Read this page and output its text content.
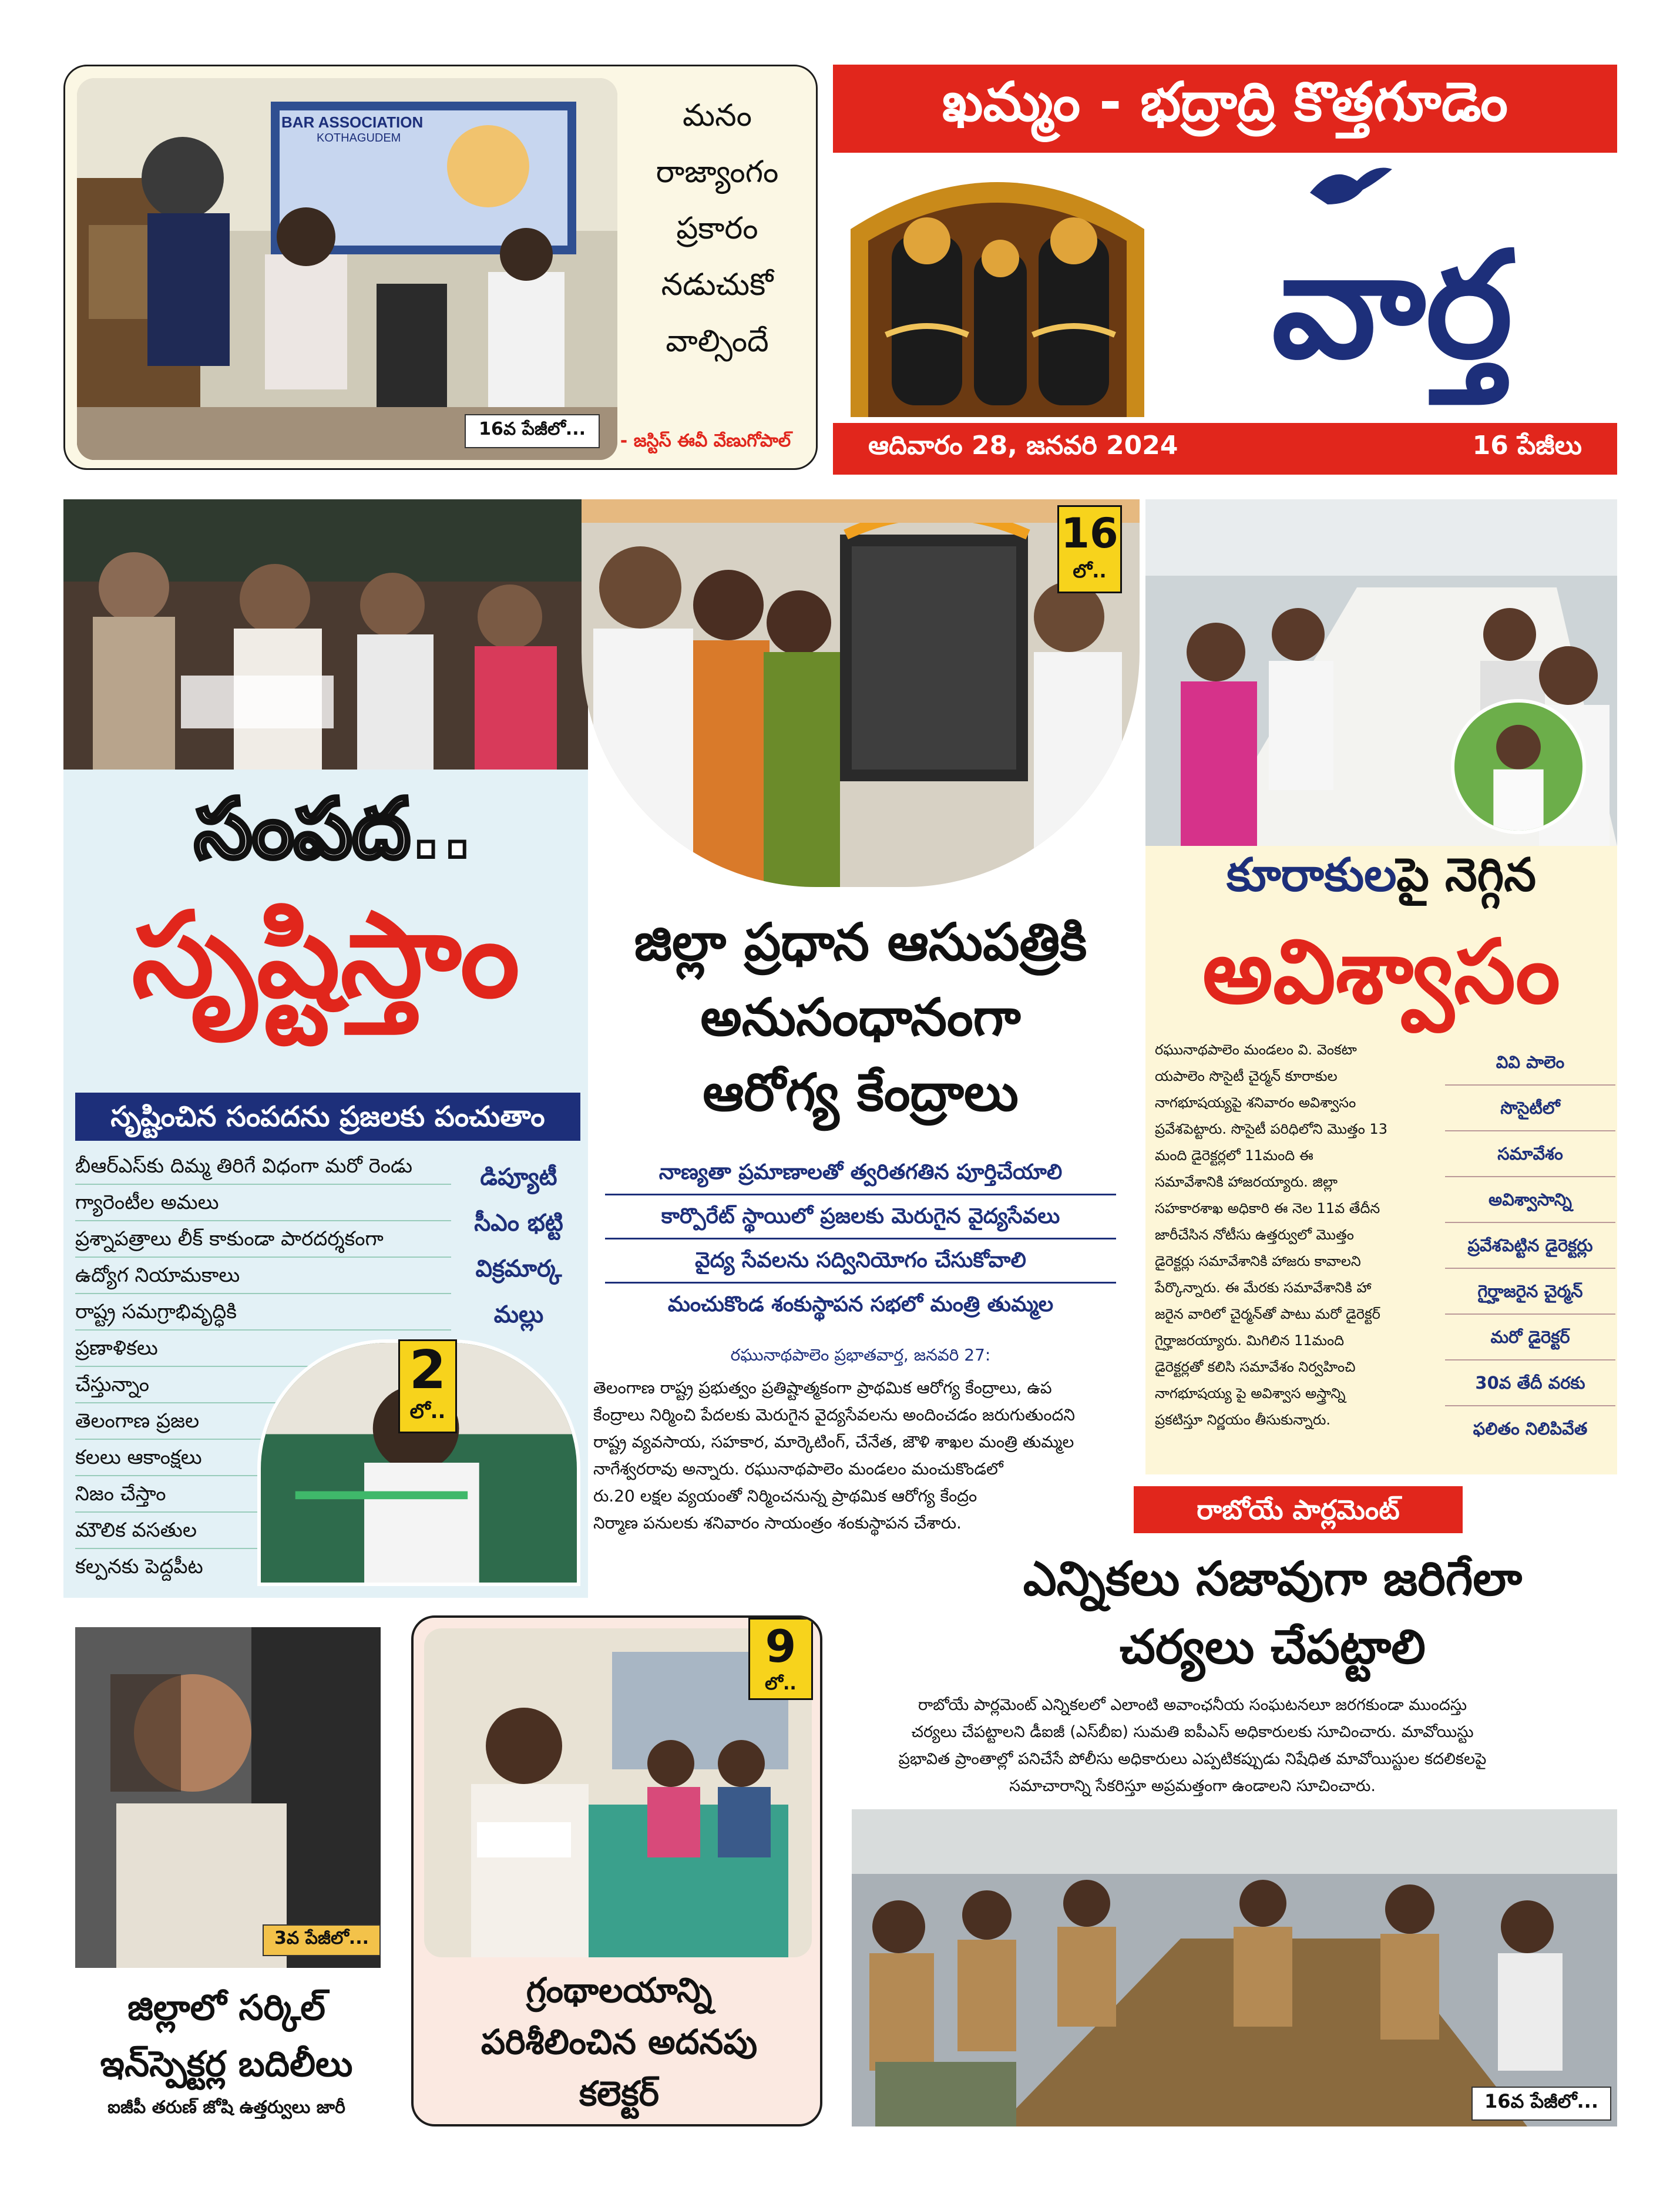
BAR ASSOCIATION
KOTHAGUDEM
16వ పేజీలో...
మనం
రాజ్యాంగం
ప్రకారం
నడుచుకో
వాల్సిందే
- జస్టిస్ ఈవీ వేణుగోపాల్
ఖమ్మం - భద్రాద్రి కొత్తగూడెం
వార్త
ఆదివారం 28, జనవరి 2024	16 పేజీలు
సంపద..
సృష్టిస్తాం
సృష్టించిన సంపదను ప్రజలకు పంచుతాం

బీఆర్ఎస్‌కు దిమ్మ తిరిగే విధంగా మరో రెండు

గ్యారెంటీల అమలు

ప్రశ్నాపత్రాలు లీక్ కాకుండా పారదర్శకంగా

ఉద్యోగ నియామకాలు

రాష్ట్ర సమగ్రాభివృద్ధికి

ప్రణాళికలు

చేస్తున్నాం

తెలంగాణ ప్రజల

కలలు ఆకాంక్షలు

నిజం చేస్తాం

మౌలిక వసతుల

కల్పనకు పెద్దపీట

డిప్యూటీ
సీఎం భట్టి
విక్రమార్క
మల్లు
2
లో..
16
లో..
జిల్లా ప్రధాన ఆసుపత్రికి
అనుసంధానంగా
ఆరోగ్య కేంద్రాలు
నాణ్యతా ప్రమాణాలతో త్వరితగతిన పూర్తిచేయాలి
కార్పొరేట్ స్థాయిలో ప్రజలకు మెరుగైన వైద్యసేవలు
వైద్య సేవలను సద్వినియోగం చేసుకోవాలి
మంచుకొండ శంకుస్థాపన సభలో మంత్రి తుమ్మల
రఘునాథపాలెం ప్రభాతవార్త, జనవరి 27:

తెలంగాణ రాష్ట్ర ప్రభుత్వం ప్రతిష్టాత్మకంగా ప్రాథమిక ఆరోగ్య కేంద్రాలు, ఉప

కేంద్రాలు నిర్మించి పేదలకు మెరుగైన వైద్యసేవలను అందించడం జరుగుతుందని

రాష్ట్ర వ్యవసాయ, సహకార, మార్కెటింగ్, చేనేత, జౌళి శాఖల మంత్రి తుమ్మల

నాగేశ్వరరావు అన్నారు. రఘునాథపాలెం మండలం మంచుకొండలో

రు.20 లక్షల వ్యయంతో నిర్మించనున్న ప్రాథమిక ఆరోగ్య కేంద్రం

నిర్మాణ పనులకు శనివారం సాయంత్రం శంకుస్థాపన చేశారు.

కూరాకులపై నెగ్గిన
అవిశ్వాసం

రఘునాథపాలెం మండలం వి. వెంకటా

యపాలెం సొసైటీ చైర్మన్ కూరాకుల

నాగభూషయ్యపై శనివారం అవిశ్వాసం

ప్రవేశపెట్టారు. సొసైటీ పరిధిలోని మొత్తం 13

మంది డైరెక్టర్లలో 11మంది ఈ

సమావేశానికి హాజరయ్యారు. జిల్లా

సహకారశాఖ అధికారి ఈ నెల 11వ తేదీన

జారీచేసిన నోటీసు ఉత్తర్వులో మొత్తం

డైరెక్టర్లు సమావేశానికి హాజరు కావాలని

పేర్కొన్నారు. ఈ మేరకు సమావేశానికి హా

జరైన వారిలో చైర్మన్‌తో పాటు మరో డైరెక్టర్

గైర్హాజరయ్యారు. మిగిలిన 11మంది

డైరెక్టర్లతో కలిసి సమావేశం నిర్వహించి

నాగభూషయ్య పై అవిశ్వాస అస్త్రాన్ని

ప్రకటిస్తూ నిర్ణయం తీసుకున్నారు.

వివి పాలెం
సొసైటీలో
సమావేశం
అవిశ్వాసాన్ని
ప్రవేశపెట్టిన డైరెక్టర్లు
గైర్హాజరైన చైర్మన్
మరో డైరెక్టర్
30వ తేదీ వరకు
ఫలితం నిలిపివేత
రాబోయే పార్లమెంట్
ఎన్నికలు సజావుగా జరిగేలా
చర్యలు చేపట్టాలి

రాబోయే పార్లమెంట్ ఎన్నికలలో ఎలాంటి అవాంఛనీయ సంఘటనలూ జరగకుండా ముందస్తు

చర్యలు చేపట్టాలని డీఐజీ (ఎస్‌బీఐ) సుమతి ఐపీఎస్ అధికారులకు సూచించారు. మావోయిస్టు

ప్రభావిత ప్రాంతాల్లో పనిచేసే పోలీసు అధికారులు ఎప్పటికప్పుడు నిషేధిత మావోయిస్టుల కదలికలపై

సమాచారాన్ని సేకరిస్తూ అప్రమత్తంగా ఉండాలని సూచించారు.

16వ పేజీలో...
3వ పేజీలో...
జిల్లాలో సర్కిల్
ఇన్‌స్పెక్టర్ల బదిలీలు
ఐజీపీ తరుణ్ జోషి ఉత్తర్వులు జారీ
9
లో..
గ్రంథాలయాన్ని
పరిశీలించిన అదనపు
కలెక్టర్
